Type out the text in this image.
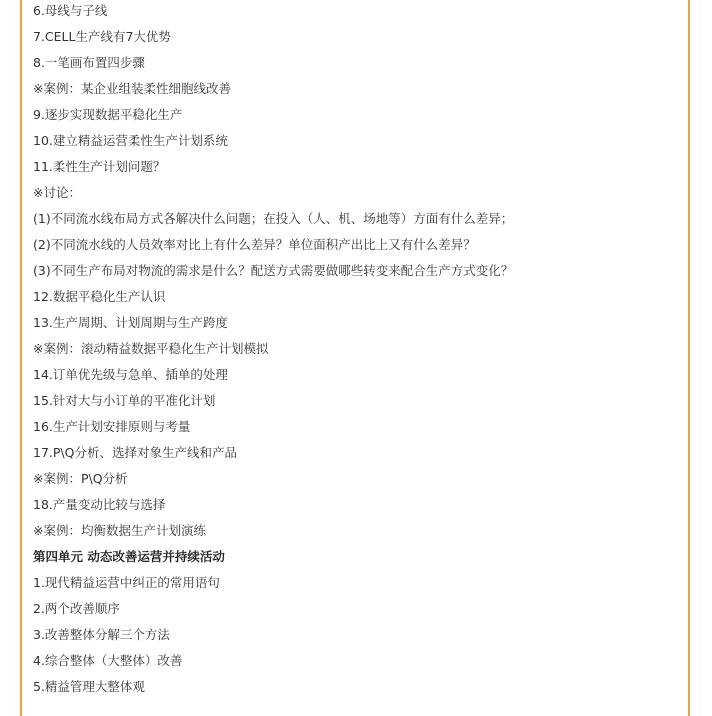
6.母线与子线
7.CELL生产线有7大优势
8.一笔画布置四步骤
※案例：某企业组装柔性细胞线改善
9.逐步实现数据平稳化生产
10.建立精益运营柔性生产计划系统
11.柔性生产计划问题？
※讨论：
(1)不同流水线布局方式各解决什么问题；在投入（人、机、场地等）方面有什么差异；
(2)不同流水线的人员效率对比上有什么差异？单位面积产出比上又有什么差异？
(3)不同生产布局对物流的需求是什么？配送方式需要做哪些转变来配合生产方式变化？
12.数据平稳化生产认识
13.生产周期、计划周期与生产跨度
※案例：滚动精益数据平稳化生产计划模拟
14.订单优先级与急单、插单的处理
15.针对大与小订单的平准化计划
16.生产计划安排原则与考量
17.P\Q分析、选择对象生产线和产品
※案例：P\Q分析
18.产量变动比较与选择
※案例：均衡数据生产计划演练
第四单元 动态改善运营并持续活动
1.现代精益运营中纠正的常用语句
2.两个改善顺序
3.改善整体分解三个方法
4.综合整体（大整体）改善
5.精益管理大整体观
